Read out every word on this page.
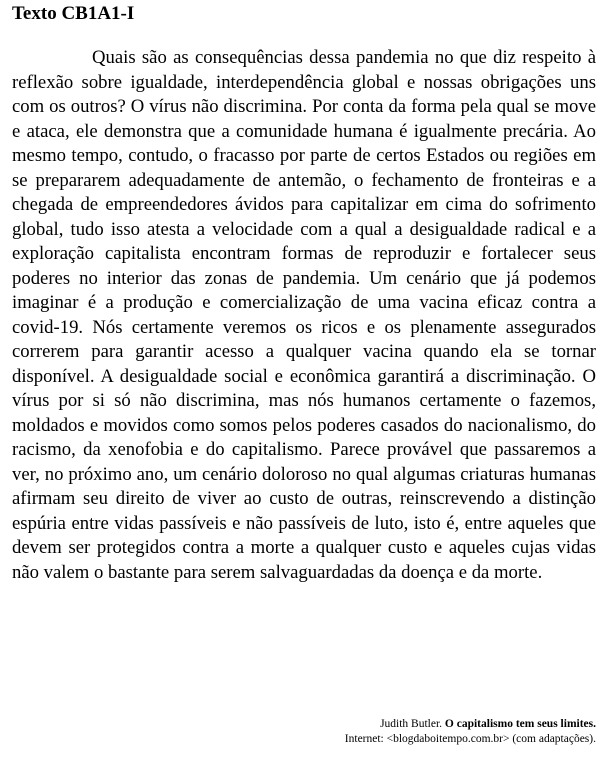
Texto CB1A1-I

Quais são as consequências dessa pandemia no que diz respeito à reflexão sobre igualdade, interdependência global e nossas obrigações uns com os outros? O vírus não discrimina. Por conta da forma pela qual se move e ataca, ele demonstra que a comunidade humana é igualmente precária. Ao mesmo tempo, contudo, o fracasso por parte de certos Estados ou regiões em se prepararem adequadamente de antemão, o fechamento de fronteiras e a chegada de empreendedores ávidos para capitalizar em cima do sofrimento global, tudo isso atesta a velocidade com a qual a desigualdade radical e a exploração capitalista encontram formas de reproduzir e fortalecer seus poderes no interior das zonas de pandemia. Um cenário que já podemos imaginar é a produção e comercialização de uma vacina eficaz contra a covid-19. Nós certamente veremos os ricos e os plenamente assegurados correrem para garantir acesso a qualquer vacina quando ela se tornar disponível. A desigualdade social e econômica garantirá a discriminação. O vírus por si só não discrimina, mas nós humanos certamente o fazemos, moldados e movidos como somos pelos poderes casados do nacionalismo, do racismo, da xenofobia e do capitalismo. Parece provável que passaremos a ver, no próximo ano, um cenário doloroso no qual algumas criaturas humanas afirmam seu direito de viver ao custo de outras, reinscrevendo a distinção espúria entre vidas passíveis e não passíveis de luto, isto é, entre aqueles que devem ser protegidos contra a morte a qualquer custo e aqueles cujas vidas não valem o bastante para serem salvaguardadas da doença e da morte.

Judith Butler. O capitalismo tem seus limites.
Internet: <blogdaboitempo.com.br> (com adaptações).
